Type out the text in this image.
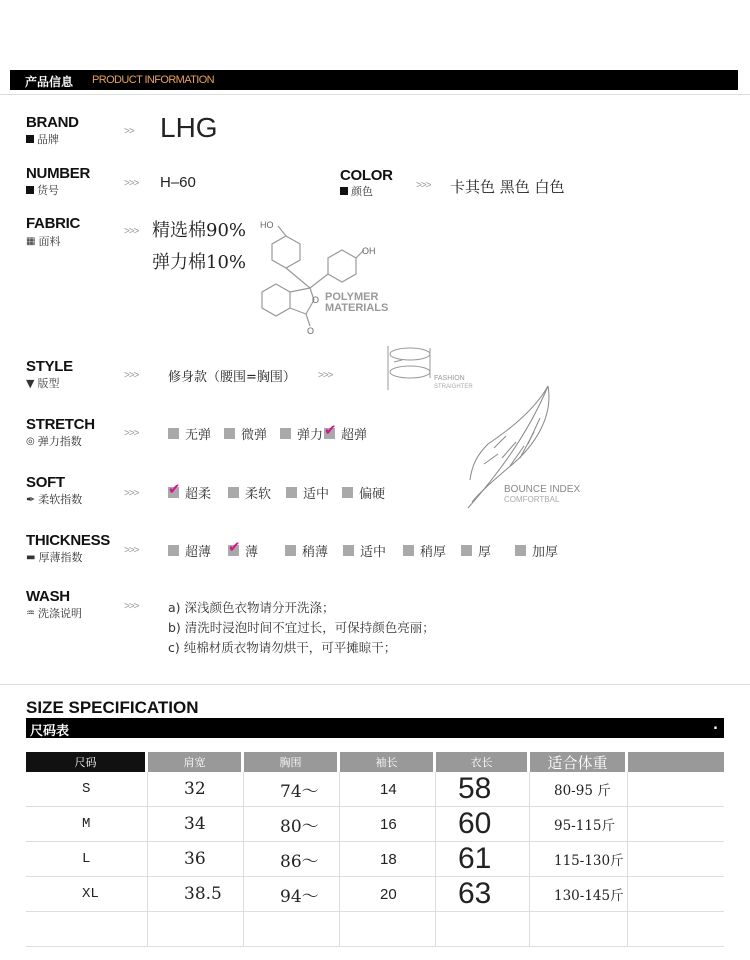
产品信息 PRODUCT INFORMATION
BRAND
品牌
>> LHG
NUMBER
货号
>>> H–60	COLOR
颜色	>>> 卡其色 黑色 白色
FABRIC
▦ 面料
>>> 精选棉90%
弹力棉10%
HO
OH
O
O
POLYMER
MATERIALS
STYLE
▼ 版型
>>> 修身款（腰围=胸围） >>>	FASHION
STRAIGHTER
STRETCH
◎ 弹力指数
>>>	无弹 微弹 弹力 ✔ 超弹
BOUNCE INDEX
COMFORTBAL
SOFT
✒ 柔软指数	>>> ✔	超柔	柔软 适中 偏硬
THICKNESS
▬ 厚薄指数
>>>	超薄 ✔	薄	稍薄 适中	稍厚 厚	加厚
WASH
♒ 洗涤说明
>>> a) 深浅颜色衣物请分开洗涤；
b) 清洗时浸泡时间不宜过长，可保持颜色亮丽；
c) 纯棉材质衣物请勿烘干，可平摊晾干；
SIZE SPECIFICATION
尺码表	.
尺码	肩宽	胸围	袖长	衣长	适合体重
S	32	74～	14	58	80-95 斤
M	34	80～	16	60	95-115斤
L	36	86～	18	61	115-130斤
XL	38.5	94～	20	63	130-145斤
